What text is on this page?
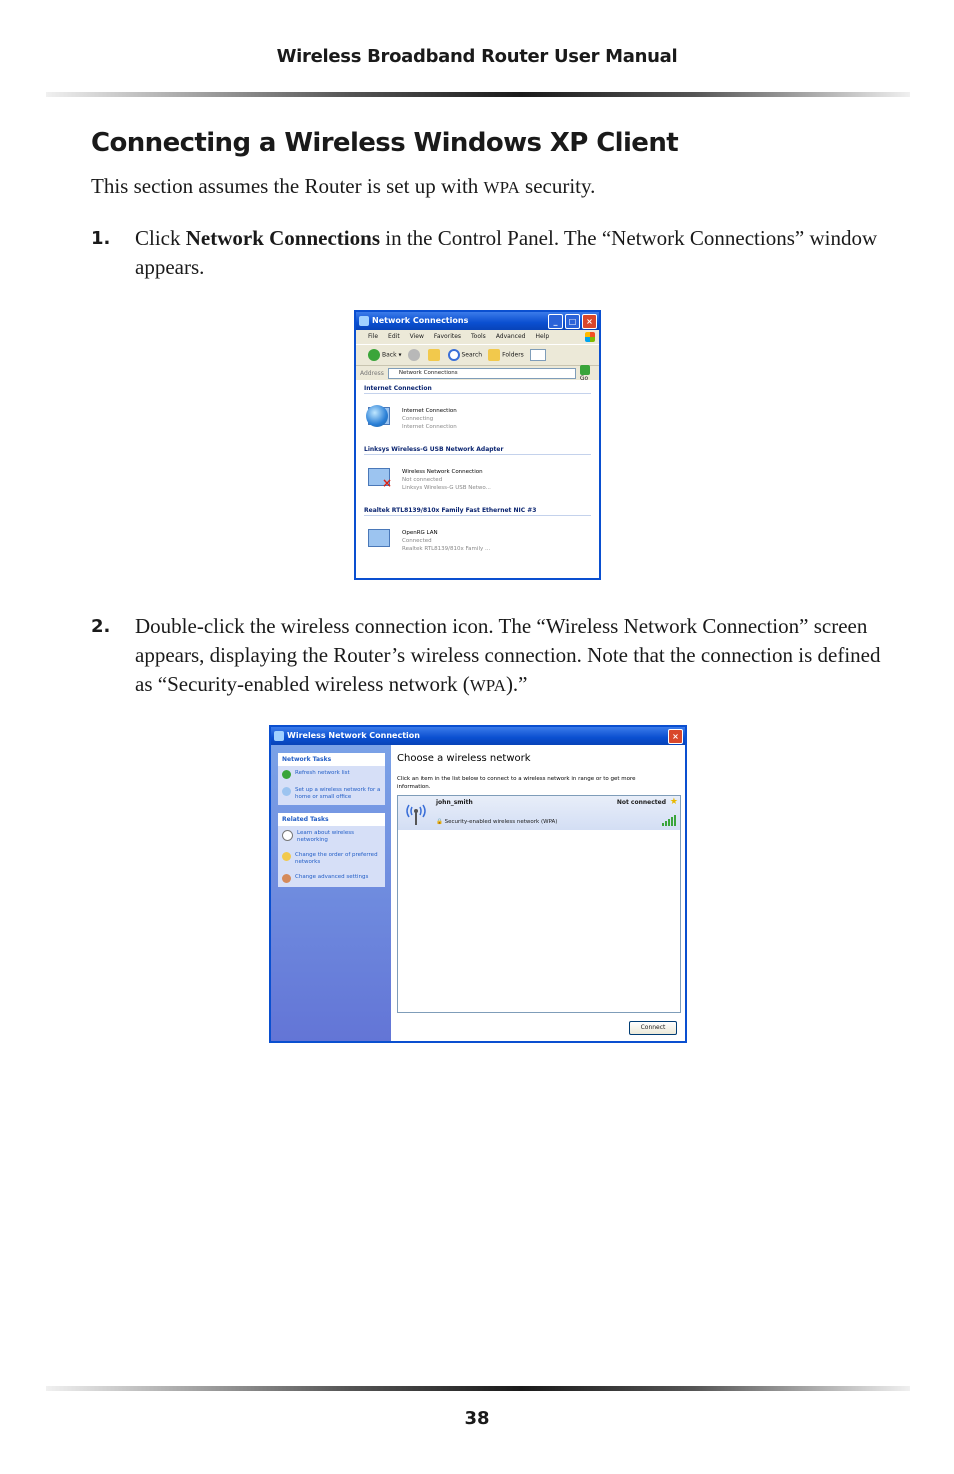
Wireless Broadband Router User Manual
Connecting a Wireless Windows XP Client
This section assumes the Router is set up with WPA security.
1. Click Network Connections in the Control Panel. The “Network Connections” window appears.
Network Connections	_	□	×
File Edit View Favorites Tools Advanced Help
Back ▾	Search	Folders
Address	Network Connections
Go
Internet Connection
Internet Connection
Connecting
Internet Connection
Linksys Wireless-G USB Network Adapter
×
Wireless Network Connection
Not connected
Linksys Wireless-G USB Netwo...
Realtek RTL8139/810x Family Fast Ethernet NIC #3
OpenRG LAN
Connected
Realtek RTL8139/810x Family ...
2. Double-click the wireless connection icon. The “Wireless Network Connection” screen appears, displaying the Router’s wireless connection. Note that the connection is defined as “Security-enabled wireless network (WPA).”
Wireless Network Connection	×
Network Tasks
Refresh network list
Set up a wireless network for a home or small office
Related Tasks
Learn about wireless networking
Change the order of preferred networks
Change advanced settings
Choose a wireless network
Click an item in the list below to connect to a wireless network in range or to get more information.
john_smith	Not connected ★
🔒 Security-enabled wireless network (WPA)
Connect
38
